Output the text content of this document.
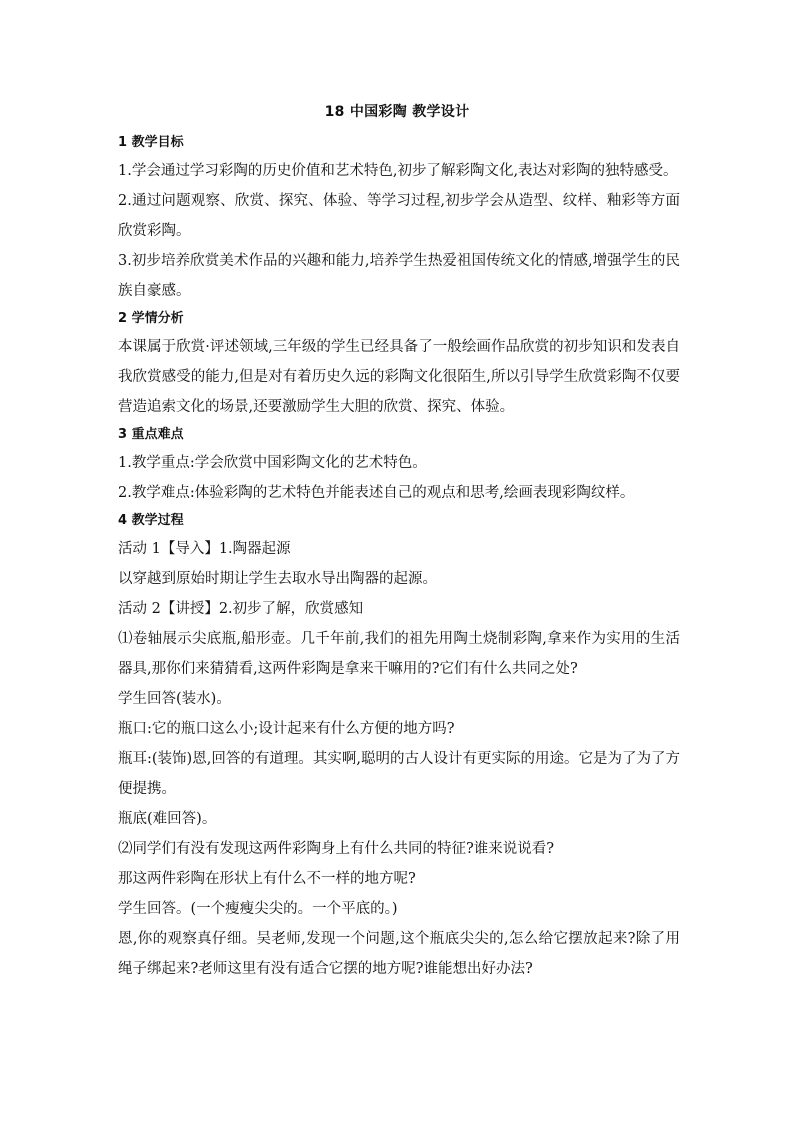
18 中国彩陶 教学设计
1 教学目标

1.学会通过学习彩陶的历史价值和艺术特色,初步了解彩陶文化,表达对彩陶的独特感受。

2.通过问题观察、欣赏、探究、体验、等学习过程,初步学会从造型、纹样、釉彩等方面欣赏彩陶。

3.初步培养欣赏美术作品的兴趣和能力,培养学生热爱祖国传统文化的情感,增强学生的民族自豪感。

2 学情分析

本课属于欣赏·评述领域,三年级的学生已经具备了一般绘画作品欣赏的初步知识和发表自我欣赏感受的能力,但是对有着历史久远的彩陶文化很陌生,所以引导学生欣赏彩陶不仅要营造追索文化的场景,还要激励学生大胆的欣赏、探究、体验。

3 重点难点

1.教学重点:学会欣赏中国彩陶文化的艺术特色。

2.教学难点:体验彩陶的艺术特色并能表述自己的观点和思考,绘画表现彩陶纹样。

4 教学过程

活动 1【导入】1.陶器起源

以穿越到原始时期让学生去取水导出陶器的起源。

活动 2【讲授】2.初步了解，欣赏感知

⑴卷轴展示尖底瓶,船形壶。几千年前,我们的祖先用陶土烧制彩陶,拿来作为实用的生活器具,那你们来猜猜看,这两件彩陶是拿来干嘛用的?它们有什么共同之处?

学生回答(装水)。

瓶口:它的瓶口这么小;设计起来有什么方便的地方吗?

瓶耳:(装饰)恩,回答的有道理。其实啊,聪明的古人设计有更实际的用途。它是为了为了方便提携。

瓶底(难回答)。

⑵同学们有没有发现这两件彩陶身上有什么共同的特征?谁来说说看?

那这两件彩陶在形状上有什么不一样的地方呢?

学生回答。(一个瘦瘦尖尖的。一个平底的。)

恩,你的观察真仔细。吴老师,发现一个问题,这个瓶底尖尖的,怎么给它摆放起来?除了用绳子绑起来?老师这里有没有适合它摆的地方呢?谁能想出好办法?
